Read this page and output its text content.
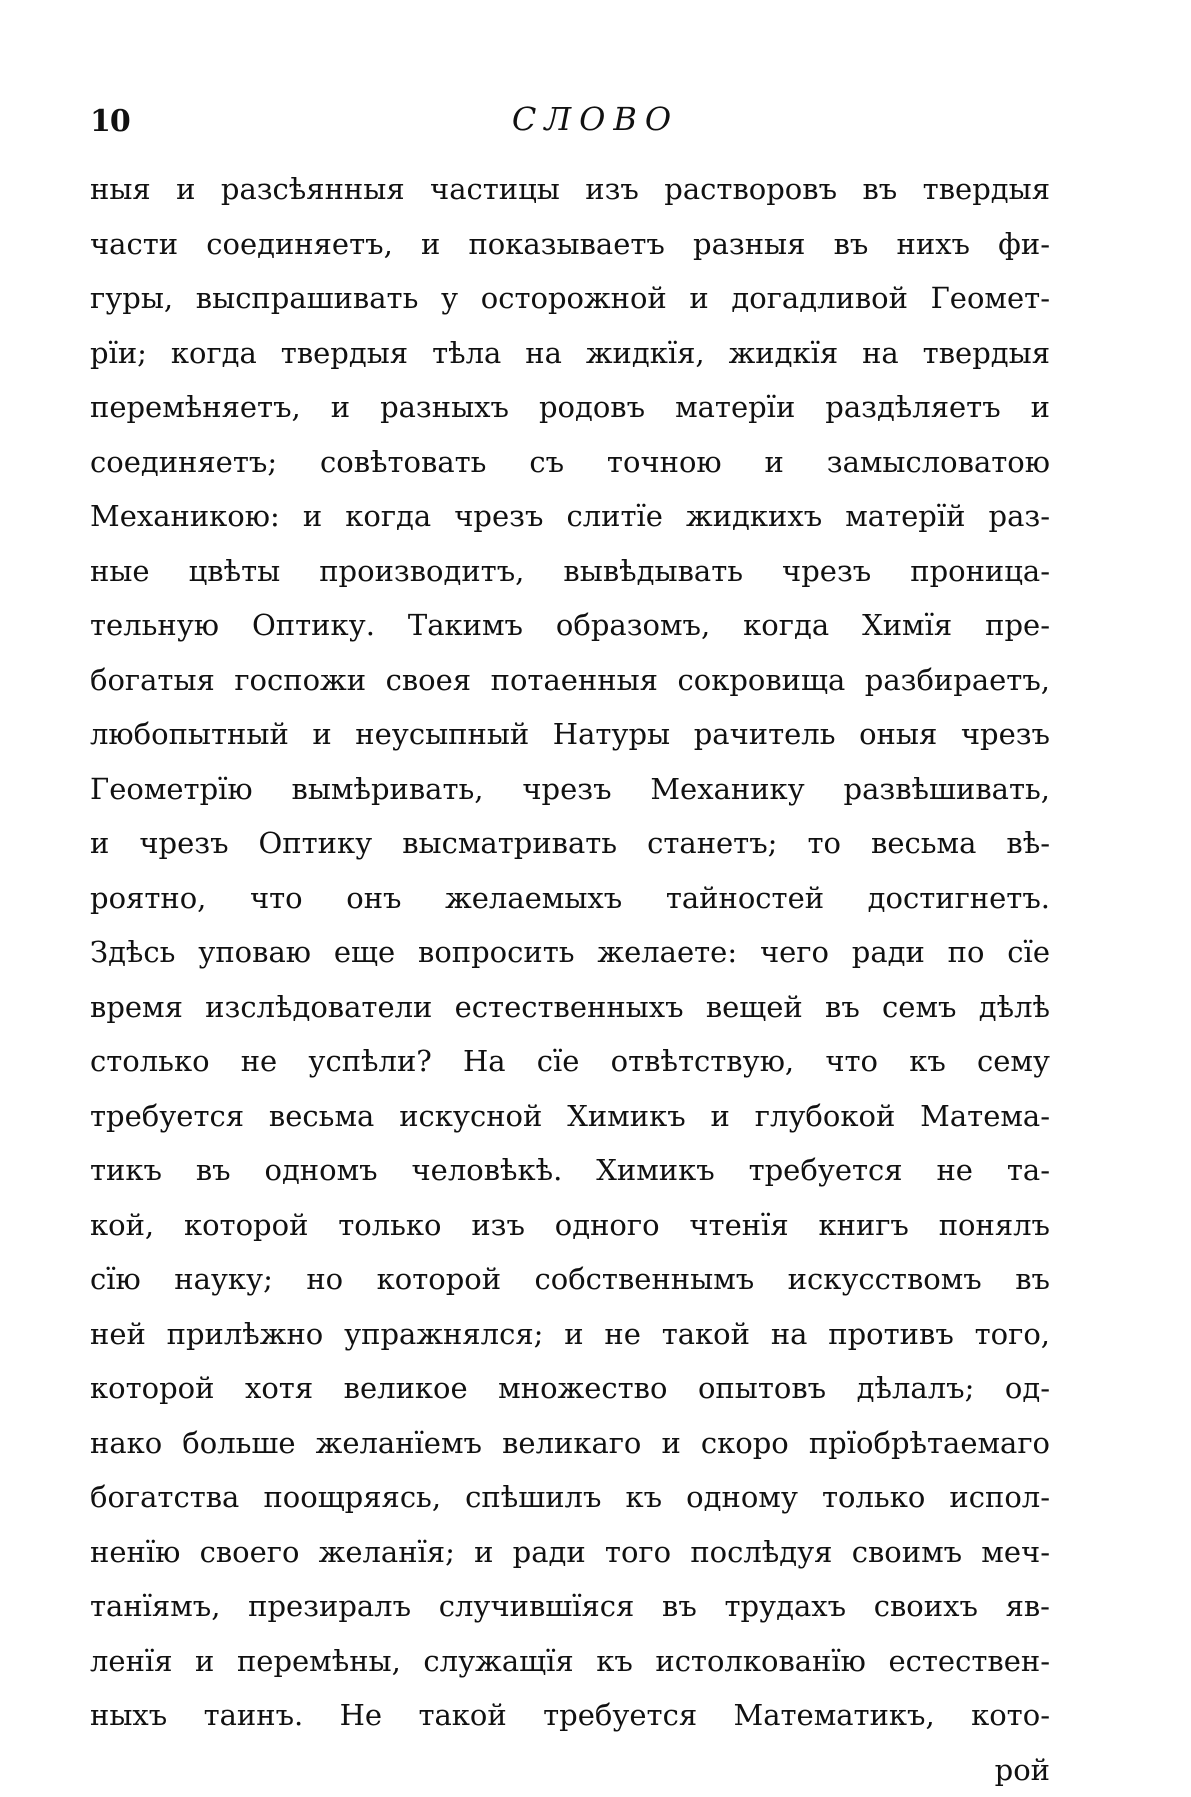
10	СЛОВО
ныя и разсѣянныя частицы изъ растворовъ въ твердыя
части соединяетъ, и показываетъ разныя въ нихъ фи-
гуры, выспрашивать у осторожной и догадливой Геомет-
рїи; когда твердыя тѣла на жидкїя, жидкїя на твердыя
перемѣняетъ, и разныхъ родовъ матерїи раздѣляетъ и
соединяетъ; совѣтовать съ точною и замысловатою
Механикою: и когда чрезъ слитїе жидкихъ матерїй раз-
ные цвѣты производитъ, вывѣдывать чрезъ проница-
тельную Оптику. Такимъ образомъ, когда Химїя пре-
богатыя госпожи своея потаенныя сокровища разбираетъ,
любопытный и неусыпный Натуры рачитель оныя чрезъ
Геометрїю вымѣривать, чрезъ Механику развѣшивать,
и чрезъ Оптику высматривать станетъ; то весьма вѣ-
роятно, что онъ желаемыхъ тайностей достигнетъ.
Здѣсь уповаю еще вопросить желаете: чего ради по сїе
время изслѣдователи естественныхъ вещей въ семъ дѣлѣ
столько не успѣли? На сїе отвѣтствую, что къ сему
требуется весьма искусной Химикъ и глубокой Матема-
тикъ въ одномъ человѣкѣ. Химикъ требуется не та-
кой, которой только изъ одного чтенїя книгъ понялъ
сїю науку; но которой собственнымъ искусствомъ въ
ней прилѣжно упражнялся; и не такой на противъ того,
которой хотя великое множество опытовъ дѣлалъ; од-
нако больше желанїемъ великаго и скоро прїобрѣтаемаго
богатства поощряясь, спѣшилъ къ одному только испол-
ненїю своего желанїя; и ради того послѣдуя своимъ меч-
танїямъ, презиралъ случившїяся въ трудахъ своихъ яв-
ленїя и перемѣны, служащїя къ истолкованїю естествен-
ныхъ таинъ. Не такой требуется Математикъ, кото-
рой
